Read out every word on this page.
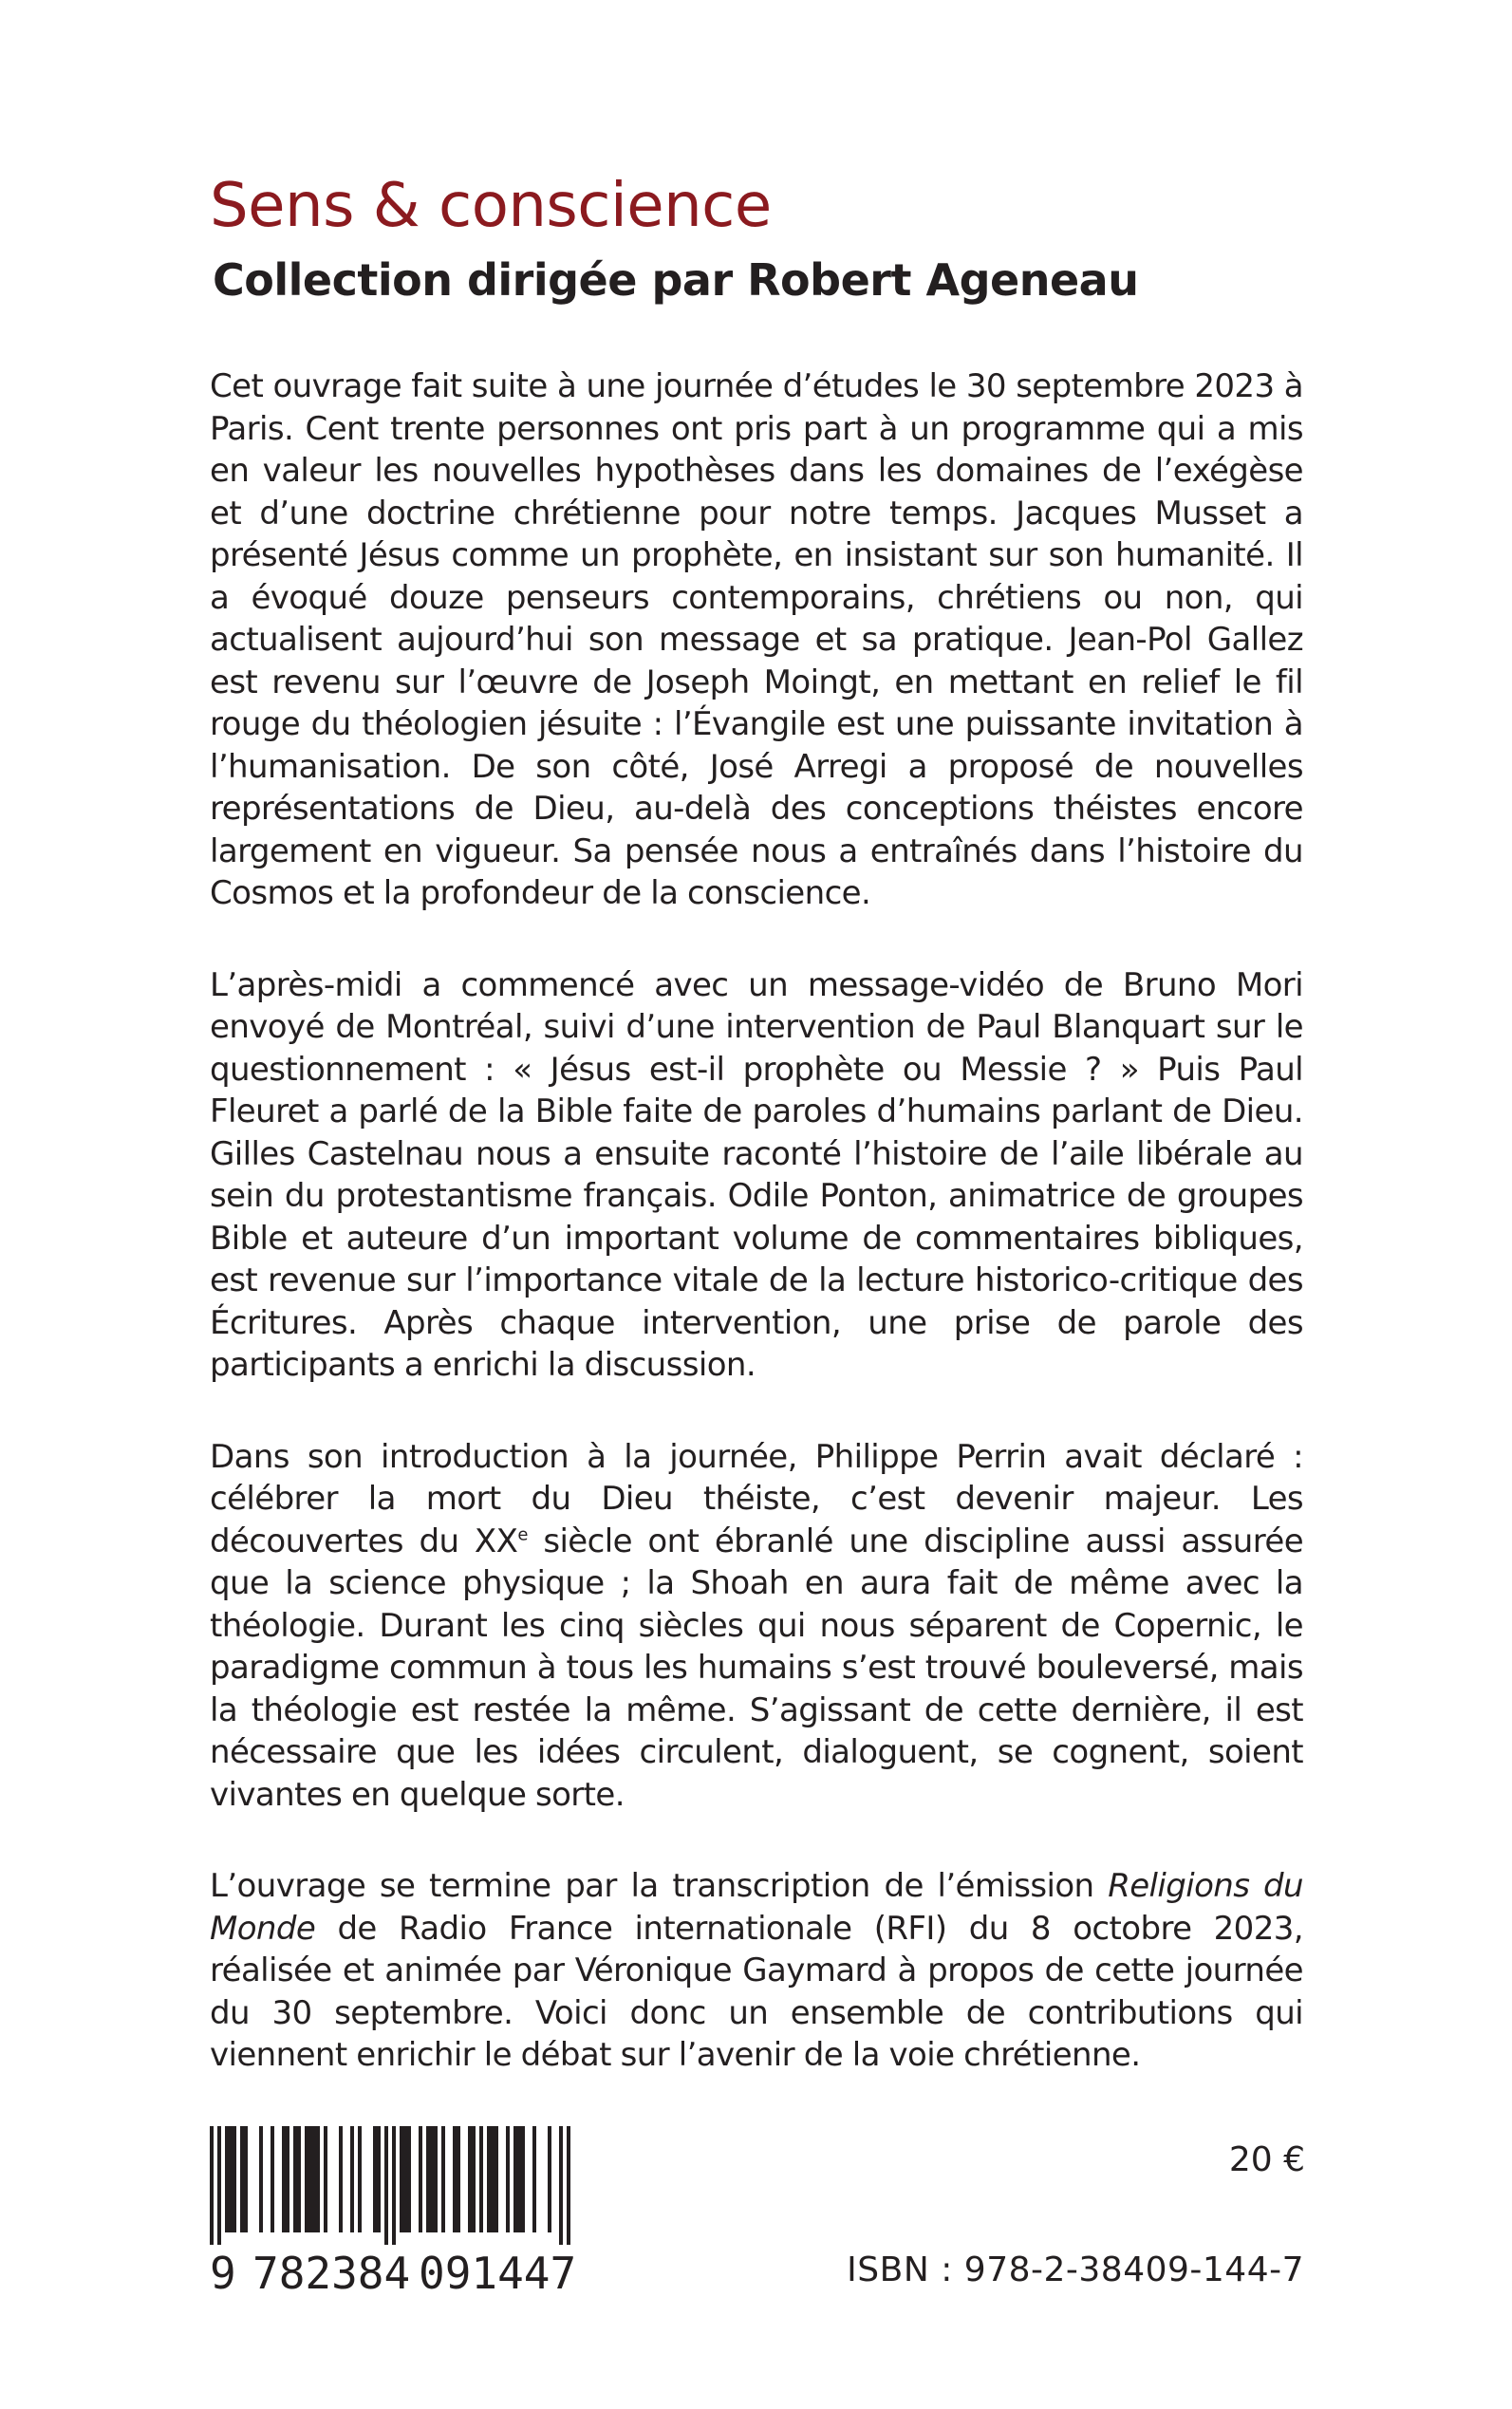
Sens & conscience
Collection dirigée par Robert Ageneau

Cet ouvrage fait suite à une journée d’études le 30 septembre 2023 à Paris. Cent trente personnes ont pris part à un programme qui a mis en valeur les nouvelles hypothèses dans les domaines de l’exégèse et d’une doctrine chrétienne pour notre temps. Jacques Musset a présenté Jésus comme un prophète, en insistant sur son humanité. Il a évoqué douze penseurs contemporains, chrétiens ou non, qui actualisent aujourd’hui son message et sa pratique. Jean-Pol Gallez est revenu sur l’œuvre de Joseph Moingt, en mettant en relief le fil rouge du théologien jésuite : l’Évangile est une puissante invitation à l’humanisation. De son côté, José Arregi a proposé de nouvelles représentations de Dieu, au-delà des conceptions théistes encore largement en vigueur. Sa pensée nous a entraînés dans l’histoire du Cosmos et la profondeur de la conscience.

L’après-midi a commencé avec un message-vidéo de Bruno Mori envoyé de Montréal, suivi d’une intervention de Paul Blanquart sur le questionnement : « Jésus est-il prophète ou Messie ? » Puis Paul Fleuret a parlé de la Bible faite de paroles d’humains parlant de Dieu. Gilles Castelnau nous a ensuite raconté l’histoire de l’aile libérale au sein du protestantisme français. Odile Ponton, animatrice de groupes Bible et auteure d’un important volume de commentaires bibliques, est revenue sur l’importance vitale de la lecture historico-critique des Écritures. Après chaque intervention, une prise de parole des participants a enrichi la discussion.

Dans son introduction à la journée, Philippe Perrin avait déclaré : célébrer la mort du Dieu théiste, c’est devenir majeur. Les découvertes du XXe siècle ont ébranlé une discipline aussi assurée que la science physique ; la Shoah en aura fait de même avec la théologie. Durant les cinq siècles qui nous séparent de Copernic, le paradigme commun à tous les humains s’est trouvé bouleversé, mais la théologie est restée la même. S’agissant de cette dernière, il est nécessaire que les idées circulent, dialoguent, se cognent, soient vivantes en quelque sorte.

L’ouvrage se termine par la transcription de l’émission Religions du Monde de Radio France internationale (RFI) du 8 octobre 2023, réalisée et animée par Véronique Gaymard à propos de cette journée du 30 septembre. Voici donc un ensemble de contributions qui viennent enrichir le débat sur l’avenir de la voie chrétienne.

9 782384 091447

20 €

ISBN : 978-2-38409-144-7
